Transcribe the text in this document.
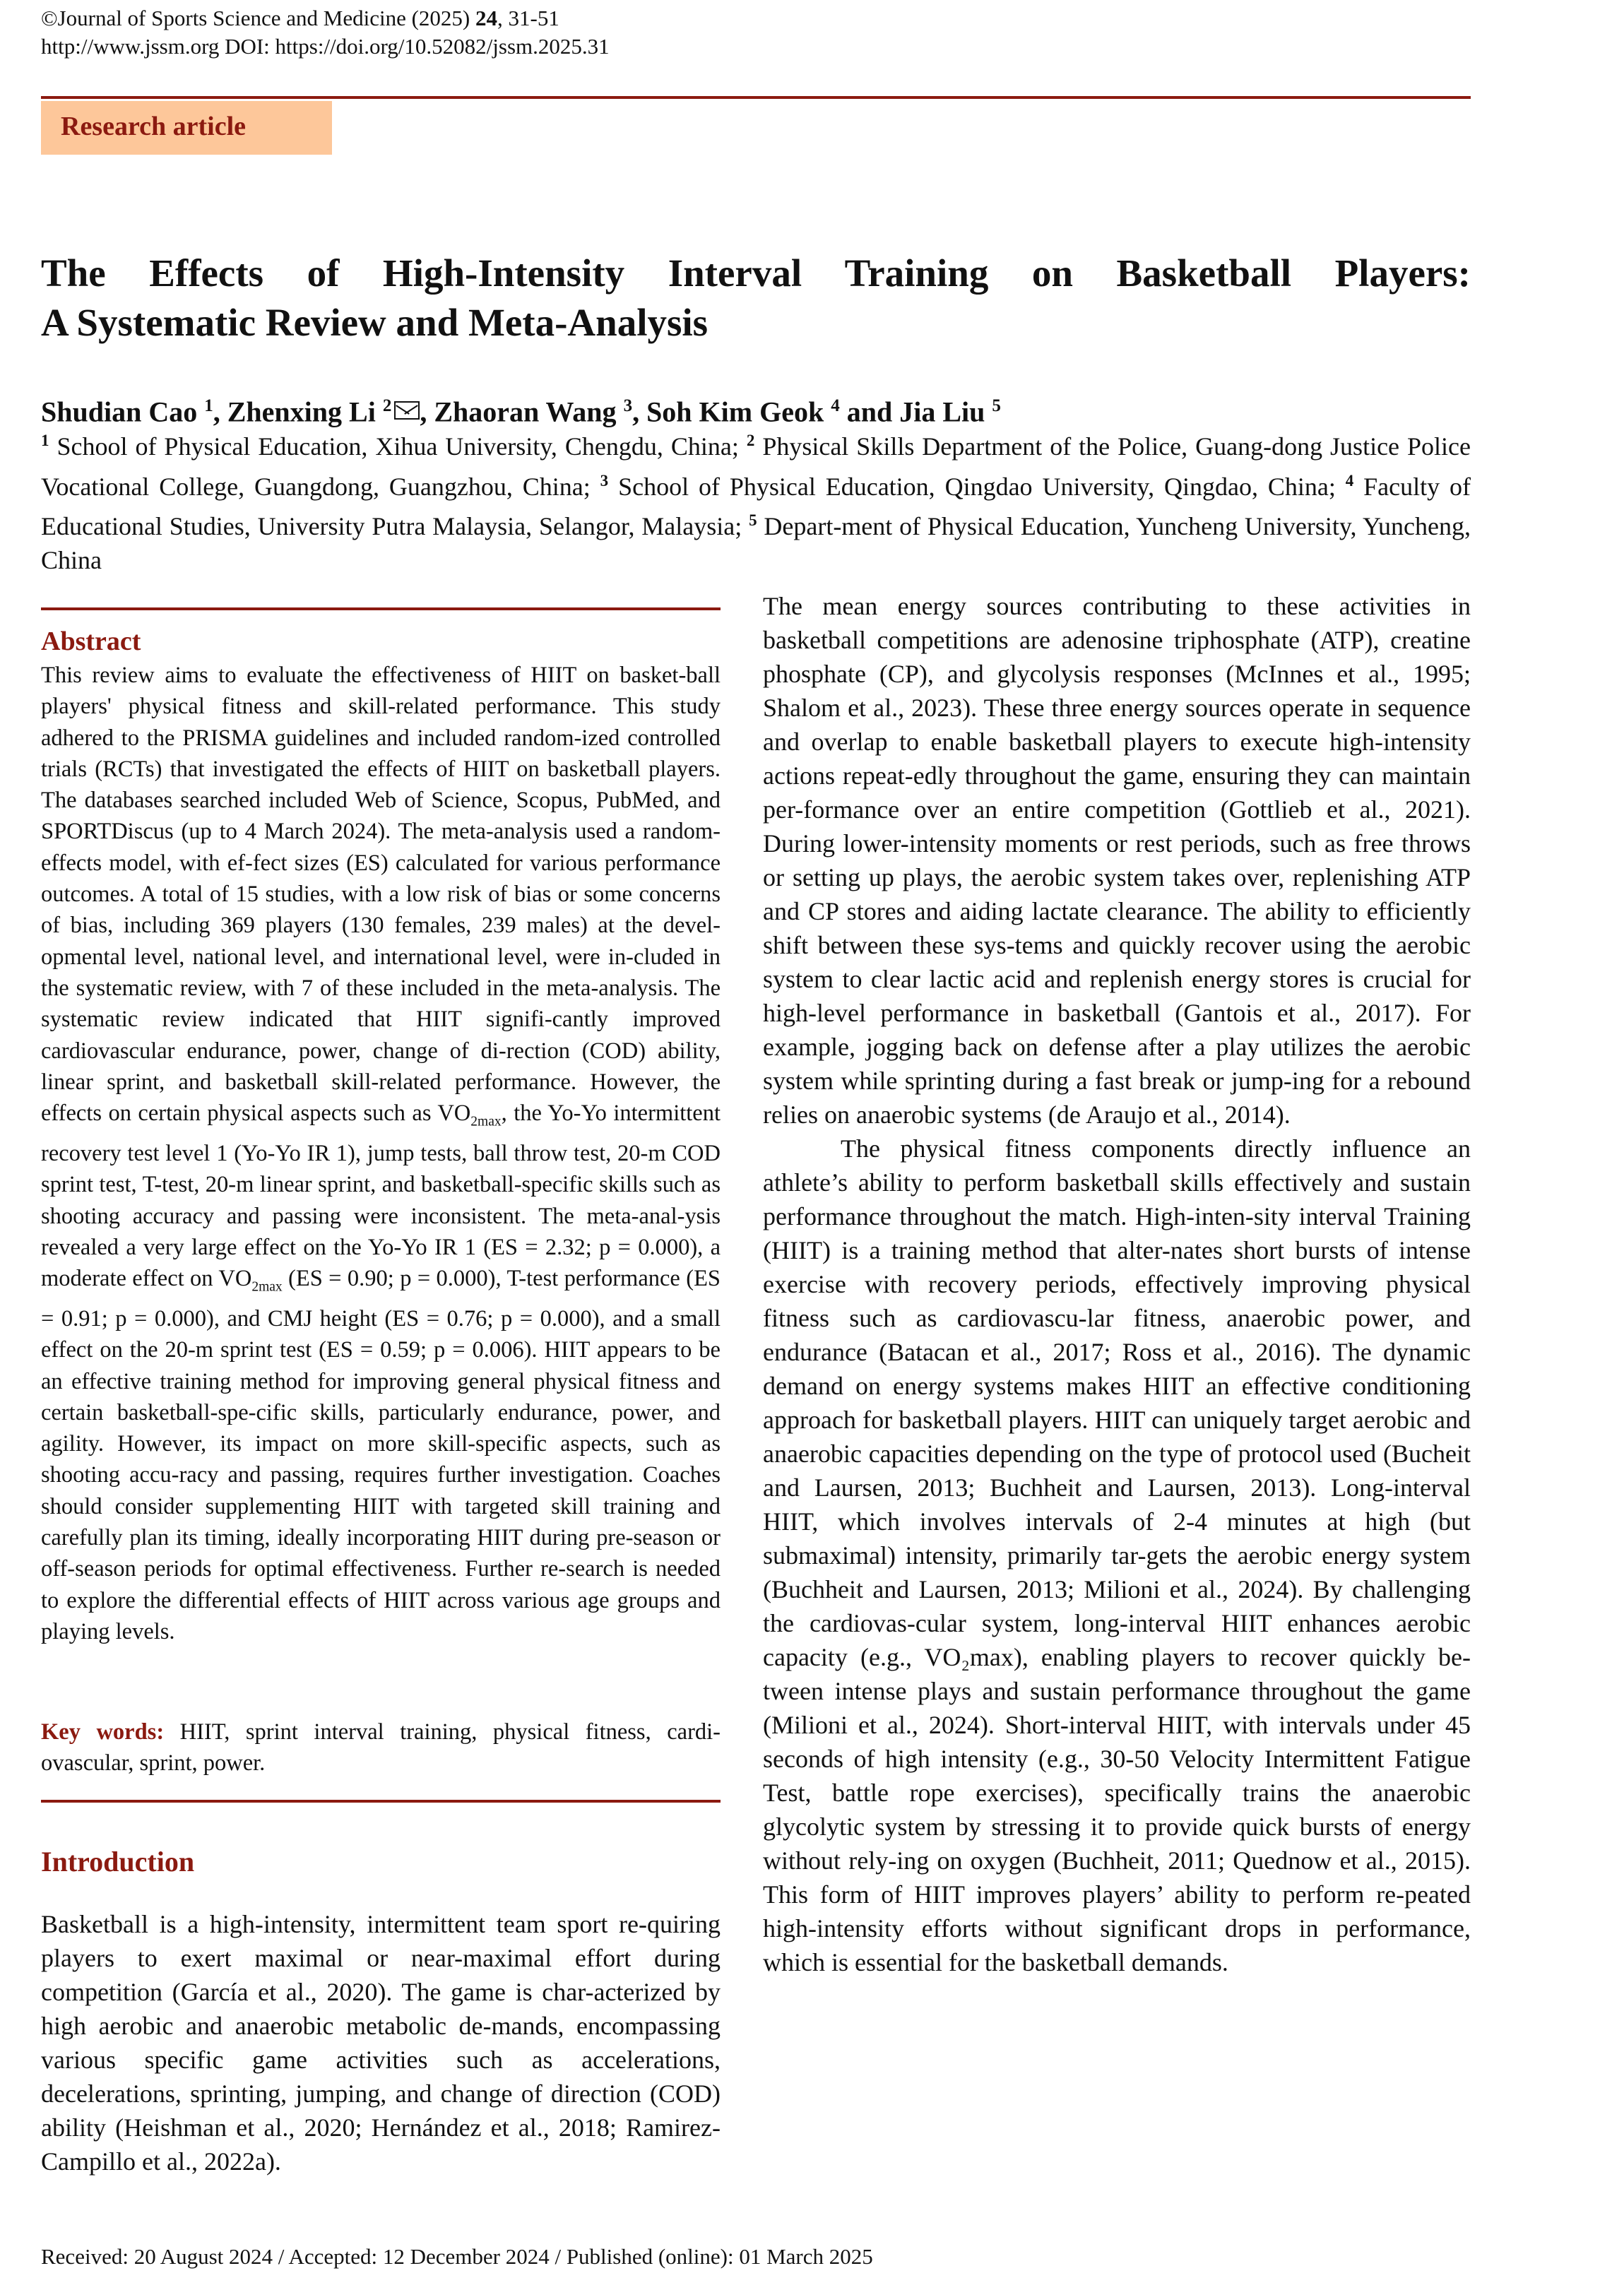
©Journal of Sports Science and Medicine (2025) 24, 31-51
http://www.jssm.org DOI: https://doi.org/10.52082/jssm.2025.31
Research article
The Effects of High-Intensity Interval Training on Basketball Players:
A Systematic Review and Meta-Analysis
Shudian Cao $^1$, Zhenxing Li $^2$ , Zhaoran Wang $^3$, Soh Kim Geok $^4$ and Jia Liu $^5$
$^1$ School of Physical Education, Xihua University, Chengdu, China; $^2$ Physical Skills Department of the Police, Guang-dong Justice Police Vocational College, Guangdong, Guangzhou, China; $^3$ School of Physical Education, Qingdao University, Qingdao, China; $^4$ Faculty of Educational Studies, University Putra Malaysia, Selangor, Malaysia; $^5$ Depart-ment of Physical Education, Yuncheng University, Yuncheng, China
Abstract
This review aims to evaluate the effectiveness of HIIT on basket-ball players' physical fitness and skill-related performance. This study adhered to the PRISMA guidelines and included random-ized controlled trials (RCTs) that investigated the effects of HIIT on basketball players. The databases searched included Web of Science, Scopus, PubMed, and SPORTDiscus (up to 4 March 2024). The meta-analysis used a random-effects model, with ef-fect sizes (ES) calculated for various performance outcomes. A total of 15 studies, with a low risk of bias or some concerns of bias, including 369 players (130 females, 239 males) at the devel-opmental level, national level, and international level, were in-cluded in the systematic review, with 7 of these included in the meta-analysis. The systematic review indicated that HIIT signifi-cantly improved cardiovascular endurance, power, change of di-rection (COD) ability, linear sprint, and basketball skill-related performance. However, the effects on certain physical aspects such as $VO_{2max}$, the Yo-Yo intermittent recovery test level 1 (Yo-Yo IR 1), jump tests, ball throw test, 20-m COD sprint test, T-test, 20-m linear sprint, and basketball-specific skills such as shooting accuracy and passing were inconsistent. The meta-anal-ysis revealed a very large effect on the Yo-Yo IR 1 (ES = 2.32; p = 0.000), a moderate effect on $VO_{2max}$ (ES = 0.90; p = 0.000), T-test performance (ES = 0.91; p = 0.000), and CMJ height (ES = 0.76; p = 0.000), and a small effect on the 20-m sprint test (ES = 0.59; p = 0.006). HIIT appears to be an effective training method for improving general physical fitness and certain basketball-spe-cific skills, particularly endurance, power, and agility. However, its impact on more skill-specific aspects, such as shooting accu-racy and passing, requires further investigation. Coaches should consider supplementing HIIT with targeted skill training and carefully plan its timing, ideally incorporating HIIT during pre-season or off-season periods for optimal effectiveness. Further re-search is needed to explore the differential effects of HIIT across various age groups and playing levels.
Key words: HIIT, sprint interval training, physical fitness, cardi-ovascular, sprint, power.
Introduction
Basketball is a high-intensity, intermittent team sport re-quiring players to exert maximal or near-maximal effort during competition (García et al., 2020). The game is char-acterized by high aerobic and anaerobic metabolic de-mands, encompassing various specific game activities such as accelerations, decelerations, sprinting, jumping, and change of direction (COD) ability (Heishman et al., 2020; Hernández et al., 2018; Ramirez-Campillo et al., 2022a).
The mean energy sources contributing to these activities in basketball competitions are adenosine triphosphate (ATP), creatine phosphate (CP), and glycolysis responses (McInnes et al., 1995; Shalom et al., 2023). These three energy sources operate in sequence and overlap to enable basketball players to execute high-intensity actions repeat-edly throughout the game, ensuring they can maintain per-formance over an entire competition (Gottlieb et al., 2021). During lower-intensity moments or rest periods, such as free throws or setting up plays, the aerobic system takes over, replenishing ATP and CP stores and aiding lactate clearance. The ability to efficiently shift between these sys-tems and quickly recover using the aerobic system to clear lactic acid and replenish energy stores is crucial for high-level performance in basketball (Gantois et al., 2017). For example, jogging back on defense after a play utilizes the aerobic system while sprinting during a fast break or jump-ing for a rebound relies on anaerobic systems (de Araujo et al., 2014).
The physical fitness components directly influence an athlete’s ability to perform basketball skills effectively and sustain performance throughout the match. High-inten-sity interval Training (HIIT) is a training method that alter-nates short bursts of intense exercise with recovery periods, effectively improving physical fitness such as cardiovascu-lar fitness, anaerobic power, and endurance (Batacan et al., 2017; Ross et al., 2016). The dynamic demand on energy systems makes HIIT an effective conditioning approach for basketball players. HIIT can uniquely target aerobic and anaerobic capacities depending on the type of protocol used (Bucheit and Laursen, 2013; Buchheit and Laursen, 2013). Long-interval HIIT, which involves intervals of 2-4 minutes at high (but submaximal) intensity, primarily tar-gets the aerobic energy system (Buchheit and Laursen, 2013; Milioni et al., 2024). By challenging the cardiovas-cular system, long-interval HIIT enhances aerobic capacity (e.g., VO₂max), enabling players to recover quickly be-tween intense plays and sustain performance throughout the game (Milioni et al., 2024). Short-interval HIIT, with intervals under 45 seconds of high intensity (e.g., 30-50 Velocity Intermittent Fatigue Test, battle rope exercises), specifically trains the anaerobic glycolytic system by stressing it to provide quick bursts of energy without rely-ing on oxygen (Buchheit, 2011; Quednow et al., 2015). This form of HIIT improves players’ ability to perform re-peated high-intensity efforts without significant drops in performance, which is essential for the basketball demands.
Received: 20 August 2024 / Accepted: 12 December 2024 / Published (online): 01 March 2025
